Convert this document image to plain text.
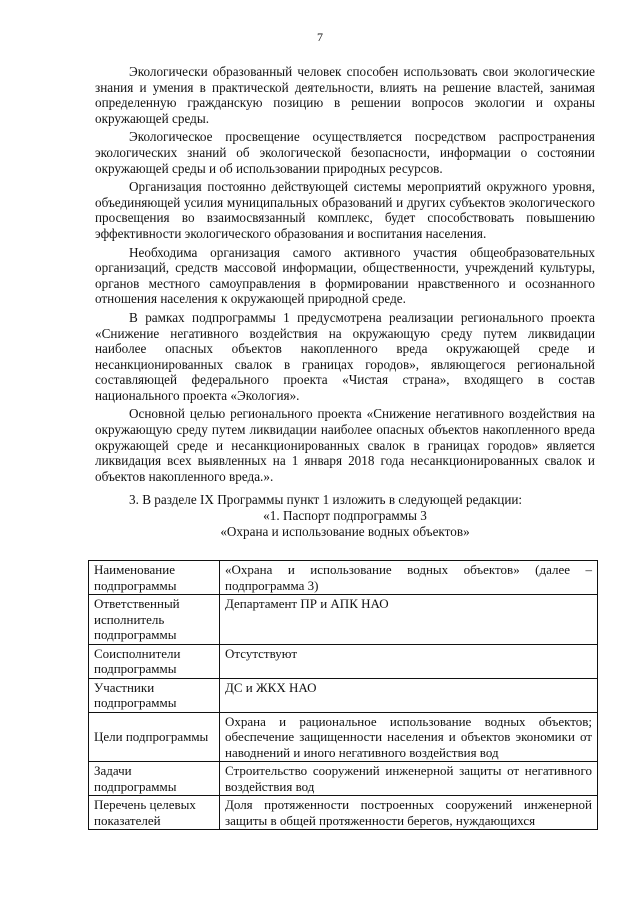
7

Экологически образованный человек способен использовать свои экологические знания и умения в практической деятельности, влиять на решение властей, занимая определенную гражданскую позицию в решении вопросов экологии и охраны окружающей среды.

Экологическое просвещение осуществляется посредством распространения экологических знаний об экологической безопасности, информации о состоянии окружающей среды и об использовании природных ресурсов.

Организация постоянно действующей системы мероприятий окружного уровня, объединяющей усилия муниципальных образований и других субъектов экологического просвещения во взаимосвязанный комплекс, будет способствовать повышению эффективности экологического образования и воспитания населения.

Необходима организация самого активного участия общеобразовательных организаций, средств массовой информации, общественности, учреждений культуры, органов местного самоуправления в формировании нравственного и осознанного отношения населения к окружающей природной среде.

В рамках подпрограммы 1 предусмотрена реализации регионального проекта «Снижение негативного воздействия на окружающую среду путем ликвидации наиболее опасных объектов накопленного вреда окружающей среде и несанкционированных свалок в границах городов», являющегося региональной составляющей федерального проекта «Чистая страна», входящего в состав национального проекта «Экология».

Основной целью регионального проекта «Снижение негативного воздействия на окружающую среду путем ликвидации наиболее опасных объектов накопленного вреда окружающей среде и несанкционированных свалок в границах городов» является ликвидация всех выявленных на 1 января 2018 года несанкционированных свалок и объектов накопленного вреда.».

3. В разделе IX Программы пункт 1 изложить в следующей редакции:

«1. Паспорт подпрограммы 3

«Охрана и использование водных объектов»

Наименование подпрограммы	«Охрана и использование водных объектов» (далее – подпрограмма 3)
Ответственный исполнитель подпрограммы	Департамент ПР и АПК НАО
Соисполнители подпрограммы	Отсутствуют
Участники подпрограммы	ДС и ЖКХ НАО
Цели подпрограммы	Охрана и рациональное использование водных объектов; обеспечение защищенности населения и объектов экономики от наводнений и иного негативного воздействия вод
Задачи подпрограммы	Строительство сооружений инженерной защиты от негативного воздействия вод
Перечень целевых показателей	Доля протяженности построенных сооружений инженерной защиты в общей протяженности берегов, нуждающихся
